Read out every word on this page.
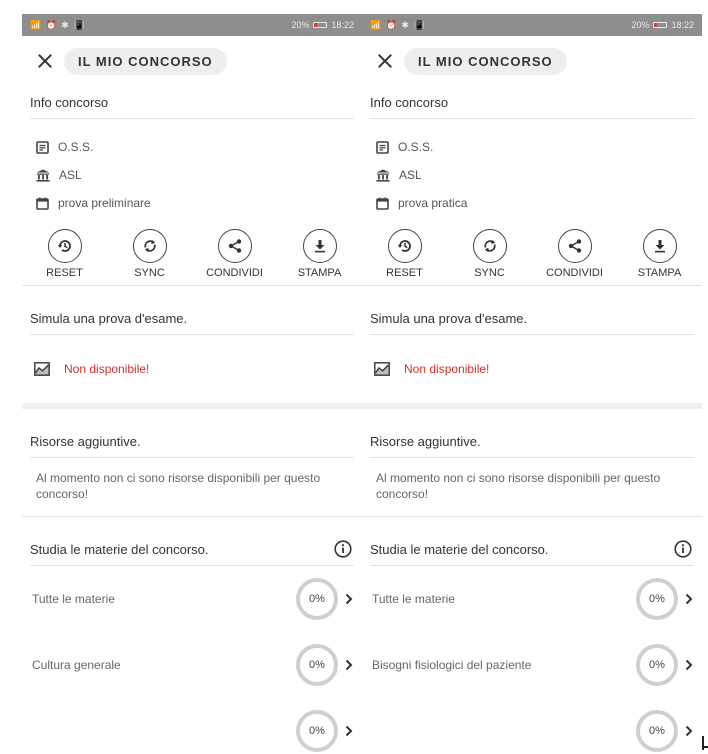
📶 ⏰ ✱ 📳	20% 18:22
IL MIO CONCORSO
Info concorso
O.S.S.
ASL
prova preliminare
RESET	SYNC	CONDIVIDI	STAMPA
Simula una prova d'esame.
Non disponibile!
Risorse aggiuntive.
Al momento non ci sono risorse disponibili per questo concorso!
Studia le materie del concorso.
Tutte le materie	0%
Cultura generale	0%
0%
📶 ⏰ ✱ 📳	20% 18:22
IL MIO CONCORSO
Info concorso
O.S.S.
ASL
prova pratica
RESET	SYNC	CONDIVIDI	STAMPA
Simula una prova d'esame.
Non disponibile!
Risorse aggiuntive.
Al momento non ci sono risorse disponibili per questo concorso!
Studia le materie del concorso.
Tutte le materie	0%
Bisogni fisiologici del paziente	0%
0%
